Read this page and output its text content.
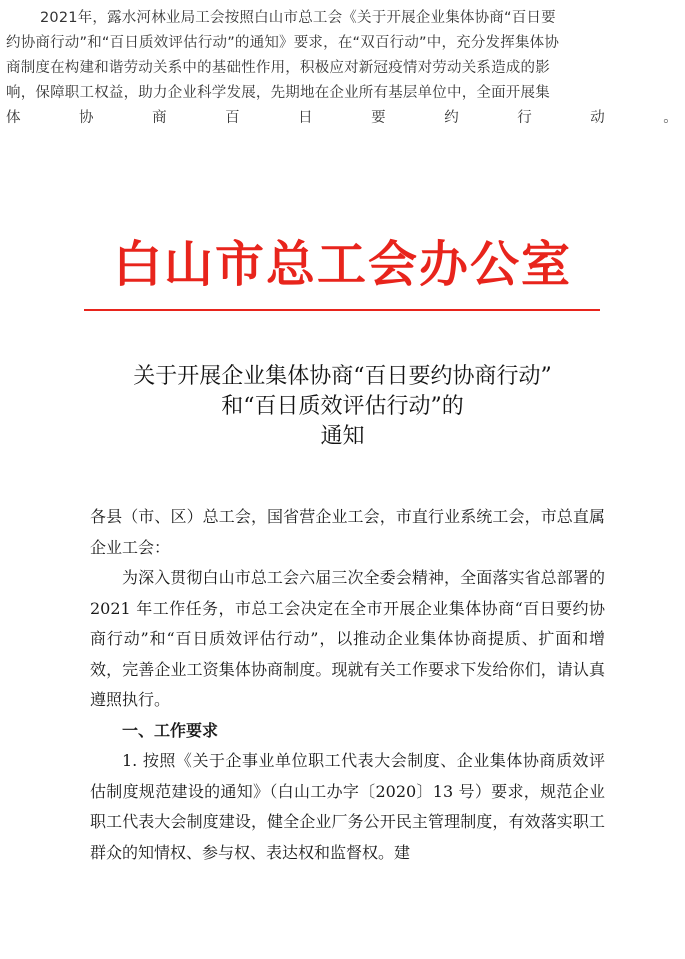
2021年，露水河林业局工会按照白山市总工会《关于开展企业集体协商“百日要
约协商行动”和“百日质效评估行动”的通知》要求，在“双百行动”中，充分发挥集体协
商制度在构建和谐劳动关系中的基础性作用，积极应对新冠疫情对劳动关系造成的影
响，保障职工权益，助力企业科学发展，先期地在企业所有基层单位中，全面开展集
体	协	商	百	日	要	约	行	动	。
白山市总工会办公室
关于开展企业集体协商“百日要约协商行动”
和“百日质效评估行动”的
通知

各县（市、区）总工会，国省营企业工会，市直行业系统工会，市总直属企业工会：

为深入贯彻白山市总工会六届三次全委会精神，全面落实省总部署的 2021 年工作任务，市总工会决定在全市开展企业集体协商“百日要约协商行动”和“百日质效评估行动”，以推动企业集体协商提质、扩面和增效，完善企业工资集体协商制度。现就有关工作要求下发给你们，请认真遵照执行。

一、工作要求

1. 按照《关于企事业单位职工代表大会制度、企业集体协商质效评估制度规范建设的通知》（白山工办字〔2020〕13 号）要求，规范企业职工代表大会制度建设，健全企业厂务公开民主管理制度，有效落实职工群众的知情权、参与权、表达权和监督权。建
